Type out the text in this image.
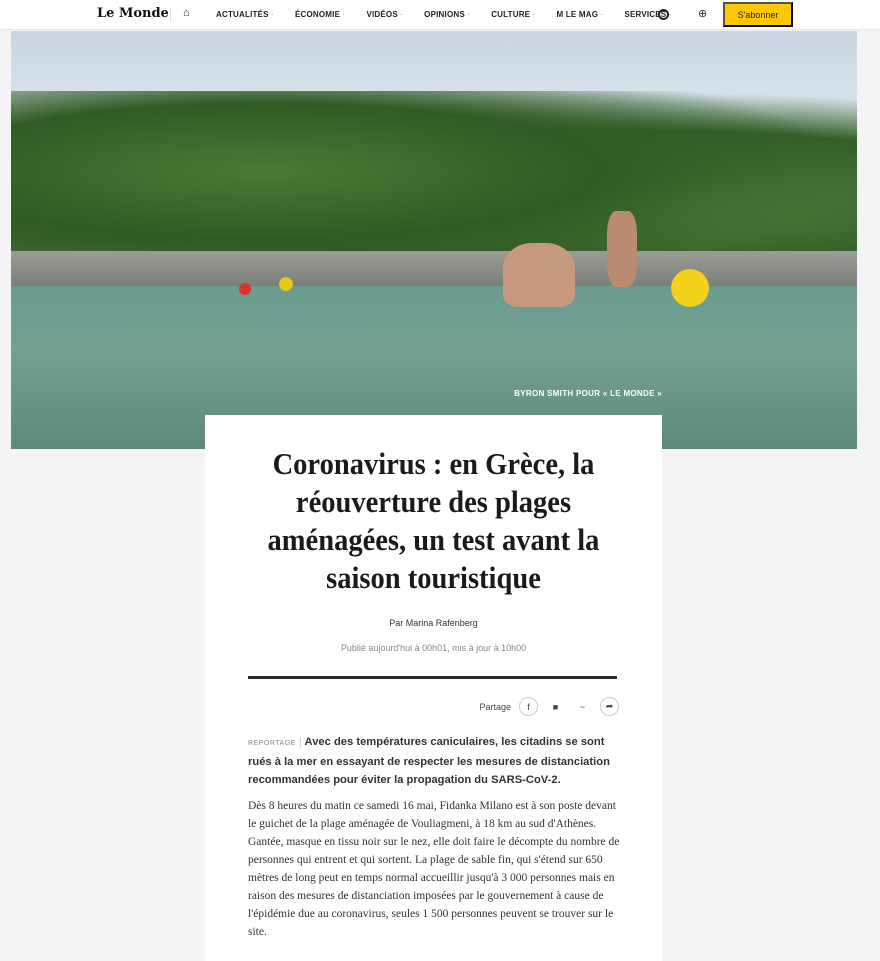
Le Monde ⌂	ACTUALITÉS ·	ÉCONOMIE ·	VIDÉOS ·	OPINIONS ·	CULTURE ·	M LE MAG ·	SERVICES ·	⊕	S'abonner
BYRON SMITH POUR « LE MONDE »
Coronavirus : en Grèce, la réouverture des plages aménagées, un test avant la saison touristique
Par Marina Rafenberg
Publié aujourd'hui à 00h01, mis à jour à 10h00
Partage	f	■	~	➦

REPORTAGE | Avec des températures caniculaires, les citadins se sont rués à la mer en essayant de respecter les mesures de distanciation recommandées pour éviter la propagation du SARS-CoV-2.

Dès 8 heures du matin ce samedi 16 mai, Fidanka Milano est à son poste devant le guichet de la plage aménagée de Vouliagmeni, à 18 km au sud d'Athènes. Gantée, masque en tissu noir sur le nez, elle doit faire le décompte du nombre de personnes qui entrent et qui sortent. La plage de sable fin, qui s'étend sur 650 mètres de long peut en temps normal accueillir jusqu'à 3 000 personnes mais en raison des mesures de distanciation imposées par le gouvernement à cause de l'épidémie due au coronavirus, seules 1 500 personnes peuvent se trouver sur le site.
